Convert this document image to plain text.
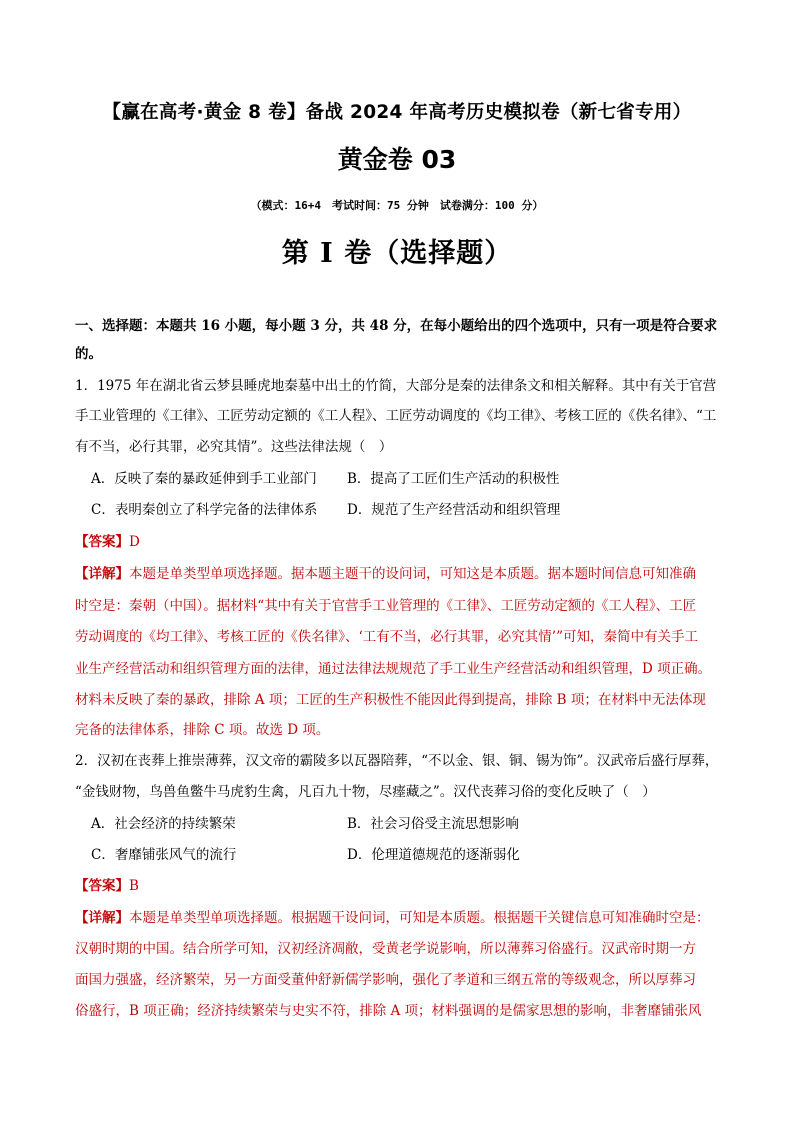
【赢在高考·黄金 8 卷】备战 2024 年高考历史模拟卷（新七省专用）
黄金卷 03
（模式：16+4　考试时间：75 分钟　试卷满分：100 分）
第 I 卷（选择题）
一、选择题：本题共 16 小题，每小题 3 分，共 48 分，在每小题给出的四个选项中，只有一项是符合要求
的。
1．1975 年在湖北省云梦县睡虎地秦墓中出土的竹简，大部分是秦的法律条文和相关解释。其中有关于官营
手工业管理的《工律》、工匠劳动定额的《工人程》、工匠劳动调度的《均工律》、考核工匠的《佚名律》、“工
有不当，必行其罪，必究其情”。这些法律法规（　）
A．反映了秦的暴政延伸到手工业部门 B．提高了工匠们生产活动的积极性
C．表明秦创立了科学完备的法律体系 D．规范了生产经营活动和组织管理
【答案】D
【详解】本题是单类型单项选择题。据本题主题干的设问词，可知这是本质题。据本题时间信息可知准确
时空是：秦朝（中国）。据材料“其中有关于官营手工业管理的《工律》、工匠劳动定额的《工人程》、工匠
劳动调度的《均工律》、考核工匠的《佚名律》、‘工有不当，必行其罪，必究其情’”可知，秦简中有关手工
业生产经营活动和组织管理方面的法律，通过法律法规规范了手工业生产经营活动和组织管理，D 项正确。
材料未反映了秦的暴政，排除 A 项；工匠的生产积极性不能因此得到提高，排除 B 项；在材料中无法体现
完备的法律体系，排除 C 项。故选 D 项。
2．汉初在丧葬上推崇薄葬，汉文帝的霸陵多以瓦器陪葬，“不以金、银、铜、锡为饰”。汉武帝后盛行厚葬，
“金钱财物，鸟兽鱼鳖牛马虎豹生禽，凡百九十物，尽瘗藏之”。汉代丧葬习俗的变化反映了（　）
A．社会经济的持续繁荣	B．社会习俗受主流思想影响
C．奢靡铺张风气的流行	D．伦理道德规范的逐渐弱化
【答案】B
【详解】本题是单类型单项选择题。根据题干设问词，可知是本质题。根据题干关键信息可知准确时空是：
汉朝时期的中国。结合所学可知，汉初经济凋敝，受黄老学说影响，所以薄葬习俗盛行。汉武帝时期一方
面国力强盛，经济繁荣，另一方面受董仲舒新儒学影响，强化了孝道和三纲五常的等级观念，所以厚葬习
俗盛行，B 项正确；经济持续繁荣与史实不符，排除 A 项；材料强调的是儒家思想的影响，非奢靡铺张风
